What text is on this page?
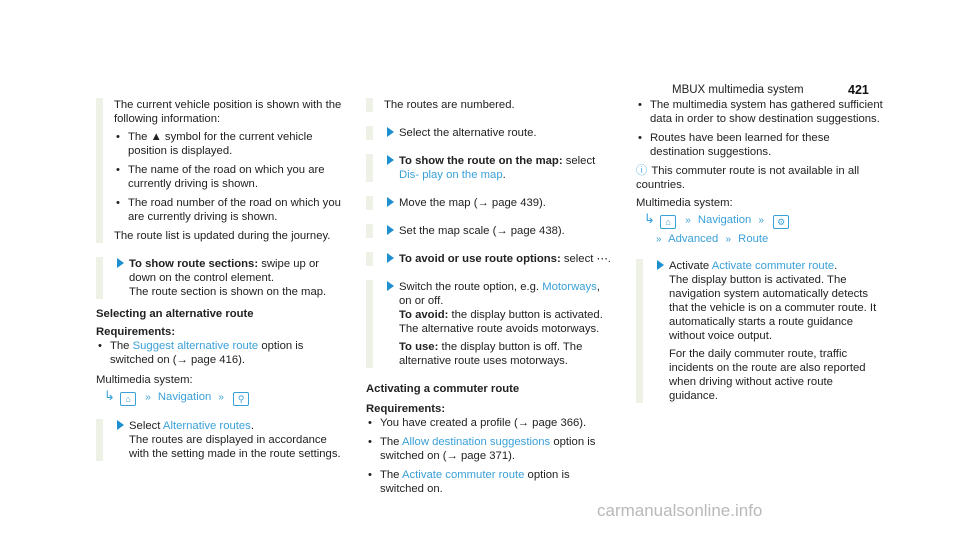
MBUX multimedia system	421

The current vehicle position is shown with the following information:

• The ▲ symbol for the current vehicle position is displayed.
• The name of the road on which you are currently driving is shown.
• The road number of the road on which you are currently driving is shown.

The route list is updated during the journey.

To show route sections: swipe up or down on the control element.

The route section is shown on the map.

Selecting an alternative route

Requirements:

• The Suggest alternative route option is switched on (→ page 416).

Multimedia system:

↳ ⌂ » Navigation » ⚲

Select Alternative routes.

The routes are displayed in accordance with the setting made in the route settings.

The routes are numbered.

Select the alternative route.

To show the route on the map: select Dis- play on the map.

Move the map (→ page 439).

Set the map scale (→ page 438).

To avoid or use route options: select ⋯.

Switch the route option, e.g. Motorways, on or off.

To avoid: the display button is activated. The alternative route avoids motorways.

To use: the display button is off. The alternative route uses motorways.

Activating a commuter route

Requirements:

• You have created a profile (→ page 366).
• The Allow destination suggestions option is switched on (→ page 371).
• The Activate commuter route option is switched on.
• The multimedia system has gathered sufficient data in order to show destination suggestions.
• Routes have been learned for these destination suggestions.

ⓘ This commuter route is not available in all countries.

Multimedia system:

↳ ⌂ » Navigation » ⚙
» Advanced » Route

Activate Activate commuter route.

The display button is activated. The navigation system automatically detects that the vehicle is on a commuter route. It automatically starts a route guidance without voice output.

For the daily commuter route, traffic incidents on the route are also reported when driving without active route guidance.

carmanualsonline.info
